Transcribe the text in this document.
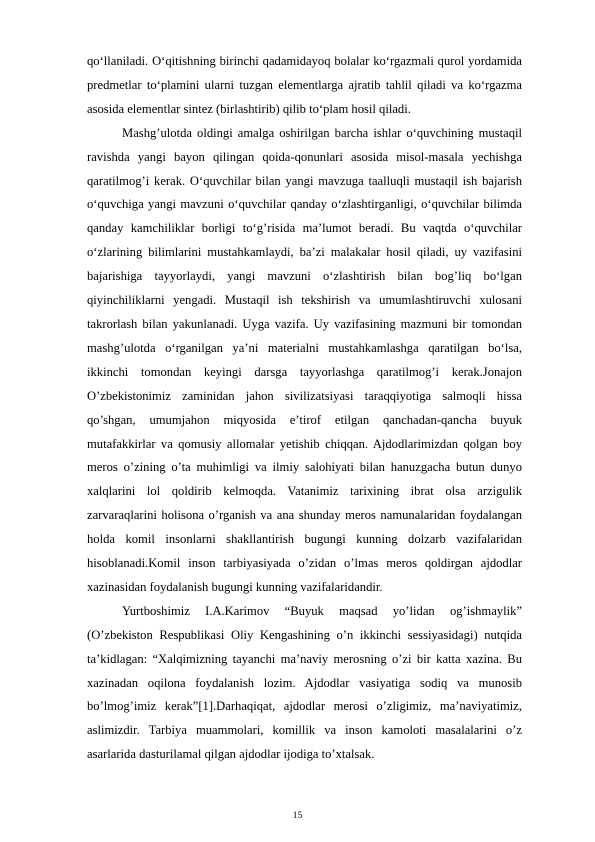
qo‘llaniladi. O‘qitishning birinchi qadamidayoq bolalar ko‘rgazmali qurol yordamida predmetlar to‘plamini ularni tuzgan elementlarga ajratib tahlil qiladi va ko‘rgazma asosida elementlar sintez (birlashtirib) qilib to‘plam hosil qiladi.

Mashg’ulotda oldingi amalga oshirilgan barcha ishlar o‘quvchining mustaqil ravishda yangi bayon qilingan qoida-qonunlari asosida misol-masala yechishga qaratilmog’i kerak. O‘quvchilar bilan yangi mavzuga taalluqli mustaqil ish bajarish o‘quvchiga yangi mavzuni o‘quvchilar qanday o‘zlashtirganligi, o‘quvchilar bilimda qanday kamchiliklar borligi to‘g’risida ma’lumot beradi. Bu vaqtda o‘quvchilar o‘zlarining bilimlarini mustahkamlaydi, ba’zi malakalar hosil qiladi, uy vazifasini bajarishiga tayyorlaydi, yangi mavzuni o‘zlashtirish bilan bog’liq bo‘lgan qiyinchiliklarni yengadi. Mustaqil ish tekshirish va umumlashtiruvchi xulosani takrorlash bilan yakunlanadi. Uyga vazifa. Uy vazifasining mazmuni bir tomondan mashg’ulotda o‘rganilgan ya’ni materialni mustahkamlashga qaratilgan bo‘lsa, ikkinchi tomondan keyingi darsga tayyorlashga qaratilmog’i kerak.Jonajon O’zbekistonimiz zaminidan jahon sivilizatsiyasi taraqqiyotiga salmoqli hissa qo’shgan, umumjahon miqyosida e’tirof etilgan qanchadan-qancha buyuk mutafakkirlar va qomusiy allomalar yetishib chiqqan. Ajdodlarimizdan qolgan boy meros o’zining o’ta muhimligi va ilmiy salohiyati bilan hanuzgacha butun dunyo xalqlarini lol qoldirib kelmoqda. Vatanimiz tarixining ibrat olsa arzigulik zarvaraqlarini holisona o’rganish va ana shunday meros namunalaridan foydalangan holda komil insonlarni shakllantirish bugungi kunning dolzarb vazifalaridan hisoblanadi.Komil inson tarbiyasiyada o’zidan o’lmas meros qoldirgan ajdodlar xazinasidan foydalanish bugungi kunning vazifalaridandir.

Yurtboshimiz I.A.Karimov “Buyuk maqsad yo’lidan og’ishmaylik” (O’zbekiston Respublikasi Oliy Kengashining o’n ikkinchi sessiyasidagi) nutqida ta’kidlagan: “Xalqimizning tayanchi ma’naviy merosning o’zi bir katta xazina. Bu xazinadan oqilona foydalanish lozim. Ajdodlar vasiyatiga sodiq va munosib bo’lmog’imiz kerak”[1].Darhaqiqat, ajdodlar merosi o’zligimiz, ma’naviyatimiz, aslimizdir. Tarbiya muammolari, komillik va inson kamoloti masalalarini o’z asarlarida dasturilamal qilgan ajdodlar ijodiga to’xtalsak.

15
